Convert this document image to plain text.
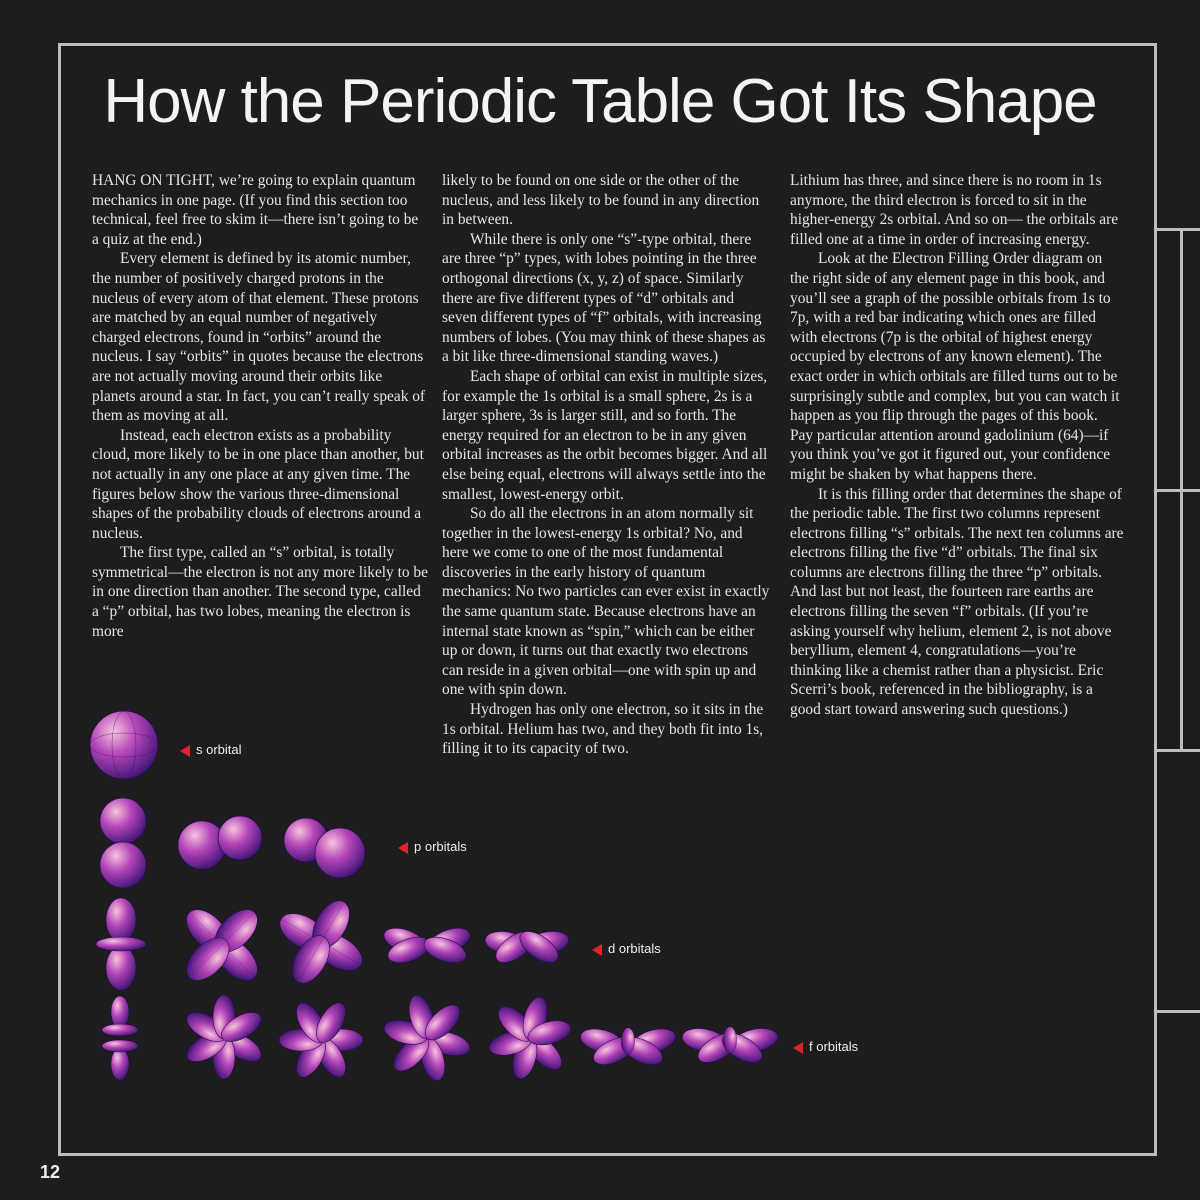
How the Periodic Table Got Its Shape

HANG ON TIGHT, we’re going to explain quantum mechanics in one page. (If you find this section too technical, feel free to skim it—there isn’t going to be a quiz at the end.)

Every element is defined by its atomic number, the number of positively charged protons in the nucleus of every atom of that element. These protons are matched by an equal number of negatively charged electrons, found in “orbits” around the nucleus. I say “orbits” in quotes because the electrons are not actually moving around their orbits like planets around a star. In fact, you can’t really speak of them as moving at all.

Instead, each electron exists as a probability cloud, more likely to be in one place than another, but not actually in any one place at any given time. The figures below show the various three-dimensional shapes of the probability clouds of electrons around a nucleus.

The first type, called an “s” orbital, is totally symmetrical—the electron is not any more likely to be in one direction than another. The second type, called a “p” orbital, has two lobes, meaning the electron is more

likely to be found on one side or the other of the nucleus, and less likely to be found in any direction in between.

While there is only one “s”-type orbital, there are three “p” types, with lobes pointing in the three orthogonal directions (x, y, z) of space. Similarly there are five different types of “d” orbitals and seven different types of “f” orbitals, with increasing numbers of lobes. (You may think of these shapes as a bit like three-dimensional standing waves.)

Each shape of orbital can exist in multiple sizes, for example the 1s orbital is a small sphere, 2s is a larger sphere, 3s is larger still, and so forth. The energy required for an electron to be in any given orbital increases as the orbit becomes bigger. And all else being equal, electrons will always settle into the smallest, lowest-energy orbit.

So do all the electrons in an atom normally sit together in the lowest-energy 1s orbital? No, and here we come to one of the most fundamental discoveries in the early history of quantum mechanics: No two particles can ever exist in exactly the same quantum state. Because electrons have an internal state known as “spin,” which can be either up or down, it turns out that exactly two electrons can reside in a given orbital—one with spin up and one with spin down.

Hydrogen has only one electron, so it sits in the 1s orbital. Helium has two, and they both fit into 1s, filling it to its capacity of two.

Lithium has three, and since there is no room in 1s anymore, the third electron is forced to sit in the higher-energy 2s orbital. And so on— the orbitals are filled one at a time in order of increasing energy.

Look at the Electron Filling Order diagram on the right side of any element page in this book, and you’ll see a graph of the possible orbitals from 1s to 7p, with a red bar indicating which ones are filled with electrons (7p is the orbital of highest energy occupied by electrons of any known element). The exact order in which orbitals are filled turns out to be surprisingly subtle and complex, but you can watch it happen as you flip through the pages of this book. Pay particular attention around gadolinium (64)—if you think you’ve got it figured out, your confidence might be shaken by what happens there.

It is this filling order that determines the shape of the periodic table. The first two columns represent electrons filling “s” orbitals. The next ten columns are electrons filling the five “d” orbitals. The final six columns are electrons filling the three “p” orbitals. And last but not least, the fourteen rare earths are electrons filling the seven “f” orbitals. (If you’re asking yourself why helium, element 2, is not above beryllium, element 4, congratulations—you’re thinking like a chemist rather than a physicist. Eric Scerri’s book, referenced in the bibliography, is a good start toward answering such questions.)

s orbital
p orbitals
d orbitals
f orbitals
12
